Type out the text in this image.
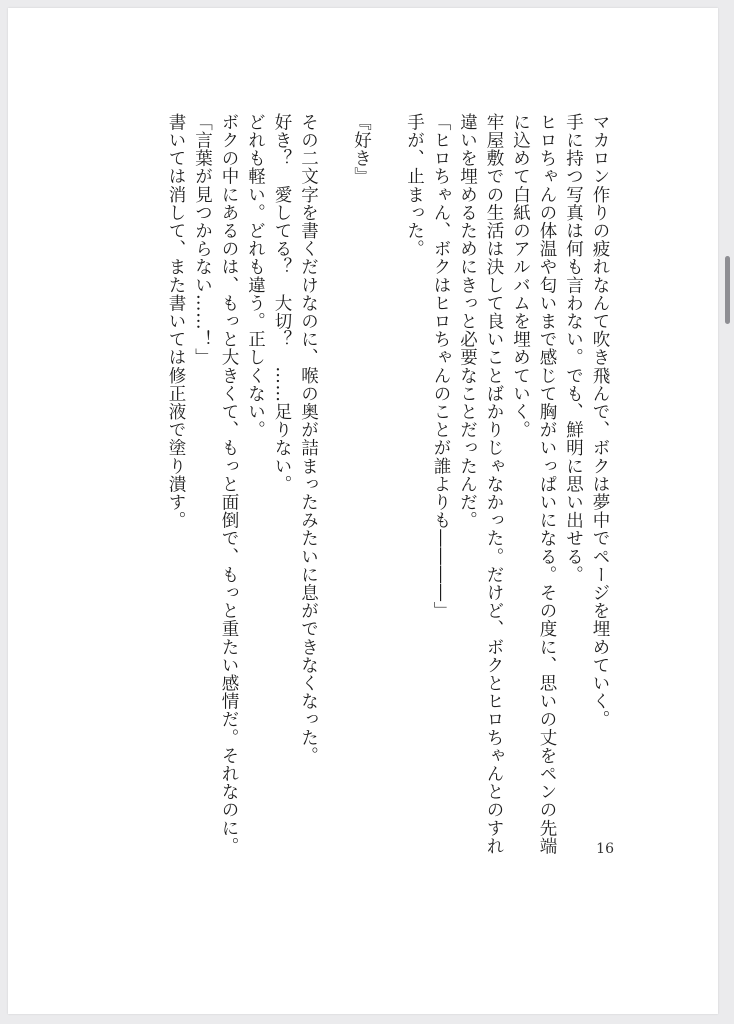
マカロン作りの疲れなんて吹き飛んで、ボクは夢中でページを埋めていく。
手に持つ写真は何も言わない。でも、鮮明に思い出せる。
ヒロちゃんの体温や匂いまで感じて胸がいっぱいになる。その度に、思いの丈をペンの先端
に込めて白紙のアルバムを埋めていく。
牢屋敷での生活は決して良いことばかりじゃなかった。だけど、ボクとヒロちゃんとのすれ
違いを埋めるためにきっと必要なことだったんだ。
「ヒロちゃん、ボクはヒロちゃんのことが誰よりも――――」
手が、止まった。
『好き』
その二文字を書くだけなのに、喉の奥が詰まったみたいに息ができなくなった。
好き？　愛してる？　大切？　……足りない。
どれも軽い。どれも違う。正しくない。
ボクの中にあるのは、もっと大きくて、もっと面倒で、もっと重たい感情だ。それなのに。
「言葉が見つからない……！」
書いては消して、また書いては修正液で塗り潰す。
16
